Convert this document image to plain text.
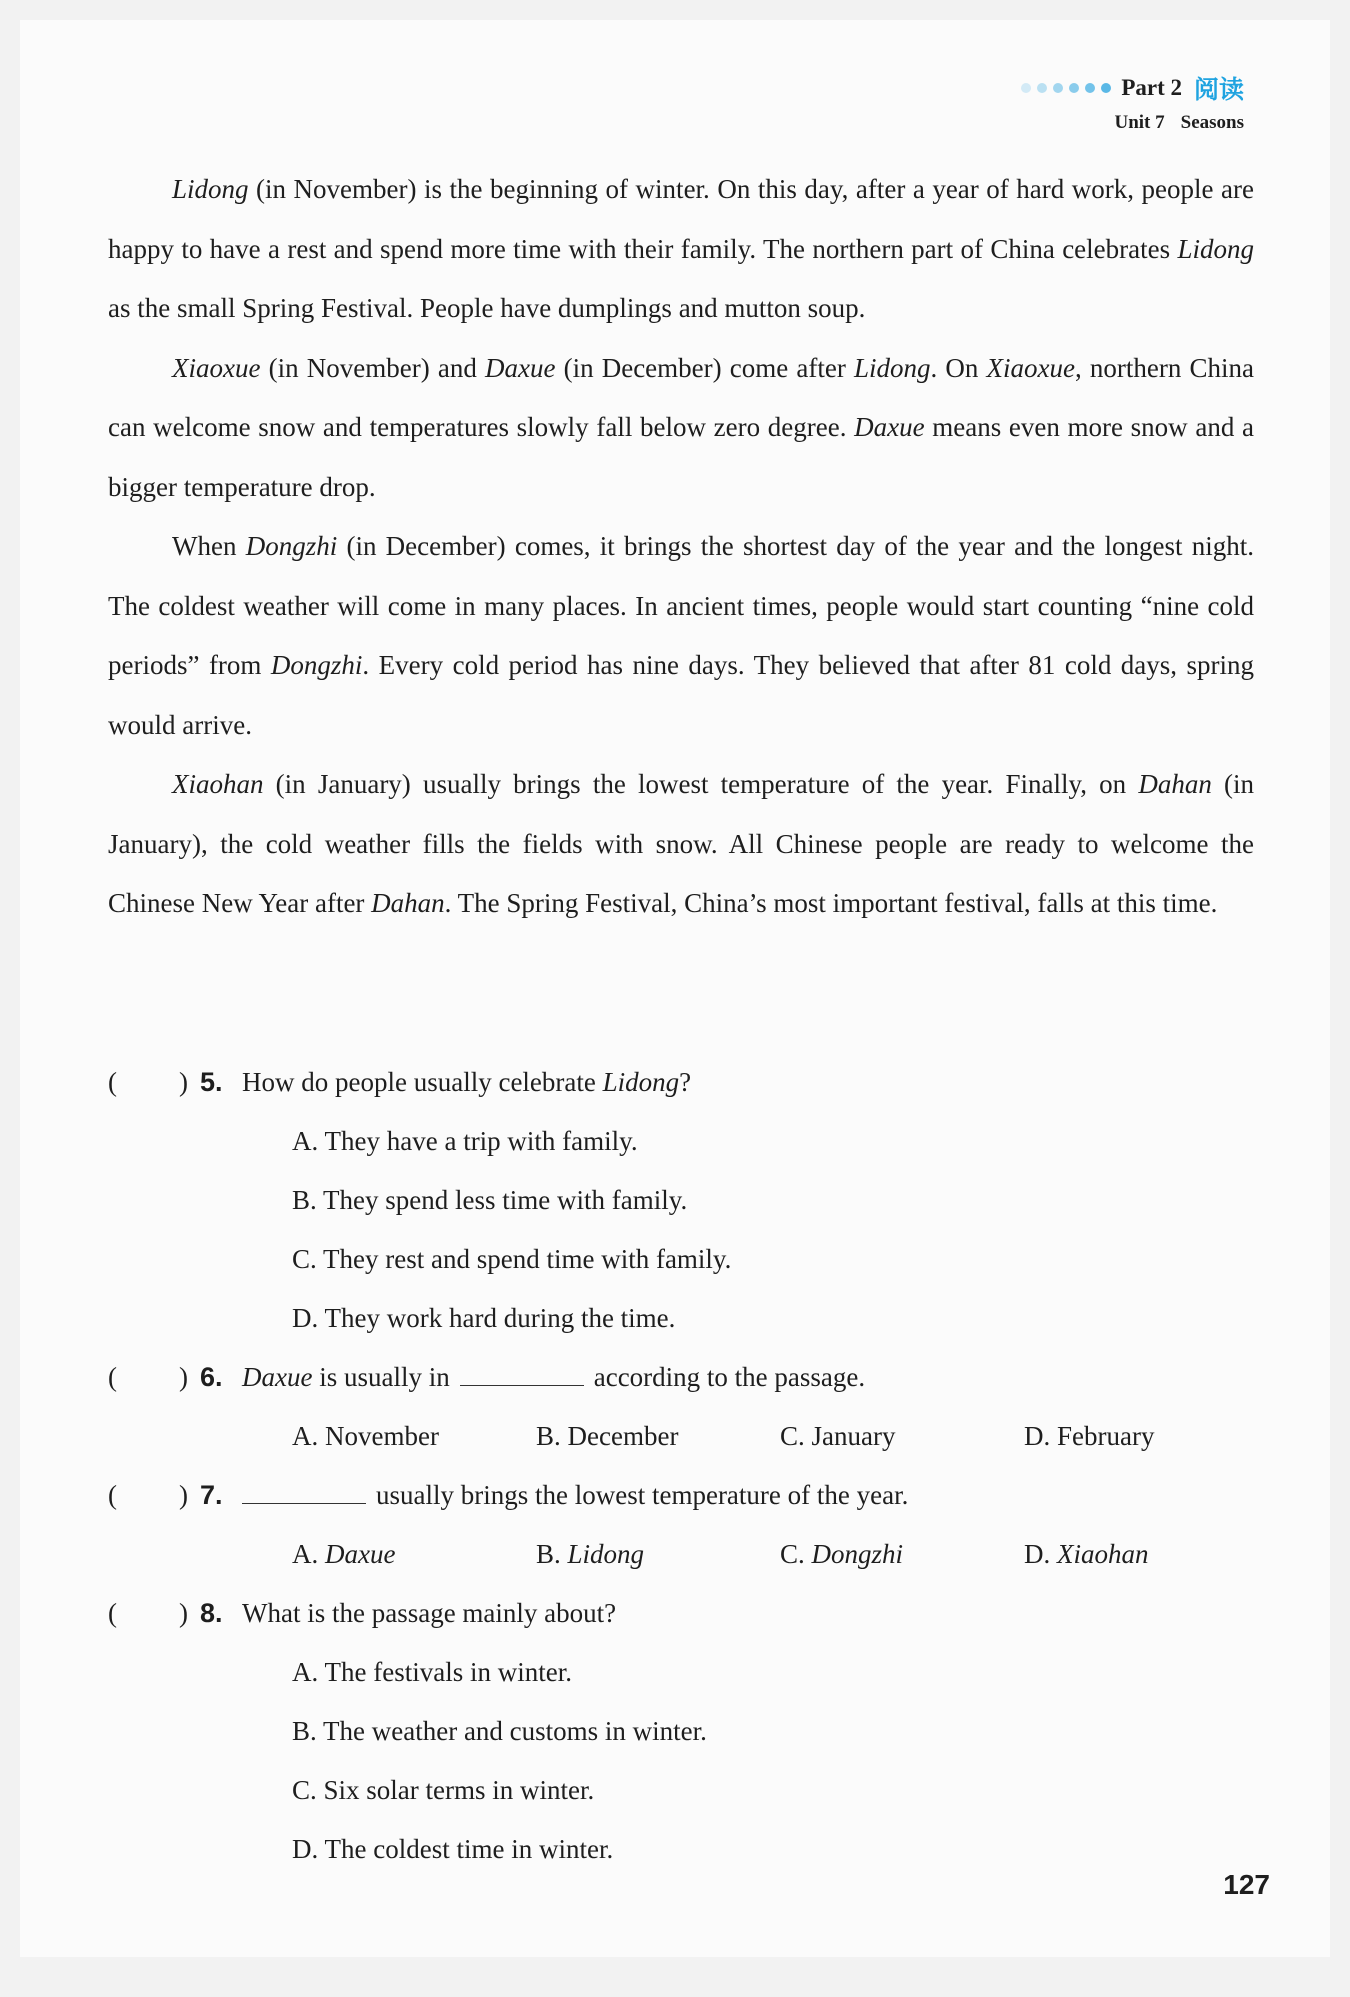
Part 2 阅读
Unit 7 Seasons

Lidong (in November) is the beginning of winter. On this day, after a year of hard work, people are happy to have a rest and spend more time with their family. The northern part of China celebrates Lidong as the small Spring Festival. People have dumplings and mutton soup.

Xiaoxue (in November) and Daxue (in December) come after Lidong. On Xiaoxue, northern China can welcome snow and temperatures slowly fall below zero degree. Daxue means even more snow and a bigger temperature drop.

When Dongzhi (in December) comes, it brings the shortest day of the year and the longest night. The coldest weather will come in many places. In ancient times, people would start counting “nine cold periods” from Dongzhi. Every cold period has nine days. They believed that after 81 cold days, spring would arrive.

Xiaohan (in January) usually brings the lowest temperature of the year. Finally, on Dahan (in January), the cold weather fills the fields with snow. All Chinese people are ready to welcome the Chinese New Year after Dahan. The Spring Festival, China’s most important festival, falls at this time.

( ) 5. How do people usually celebrate Lidong?
A. They have a trip with family.
B. They spend less time with family.
C. They rest and spend time with family.
D. They work hard during the time.
( ) 6. Daxue is usually in	according to the passage.
A. November	B. December	C. January	D. February
( ) 7.	usually brings the lowest temperature of the year.
A. Daxue	B. Lidong	C. Dongzhi	D. Xiaohan
( ) 8. What is the passage mainly about?
A. The festivals in winter.
B. The weather and customs in winter.
C. Six solar terms in winter.
D. The coldest time in winter.
127
